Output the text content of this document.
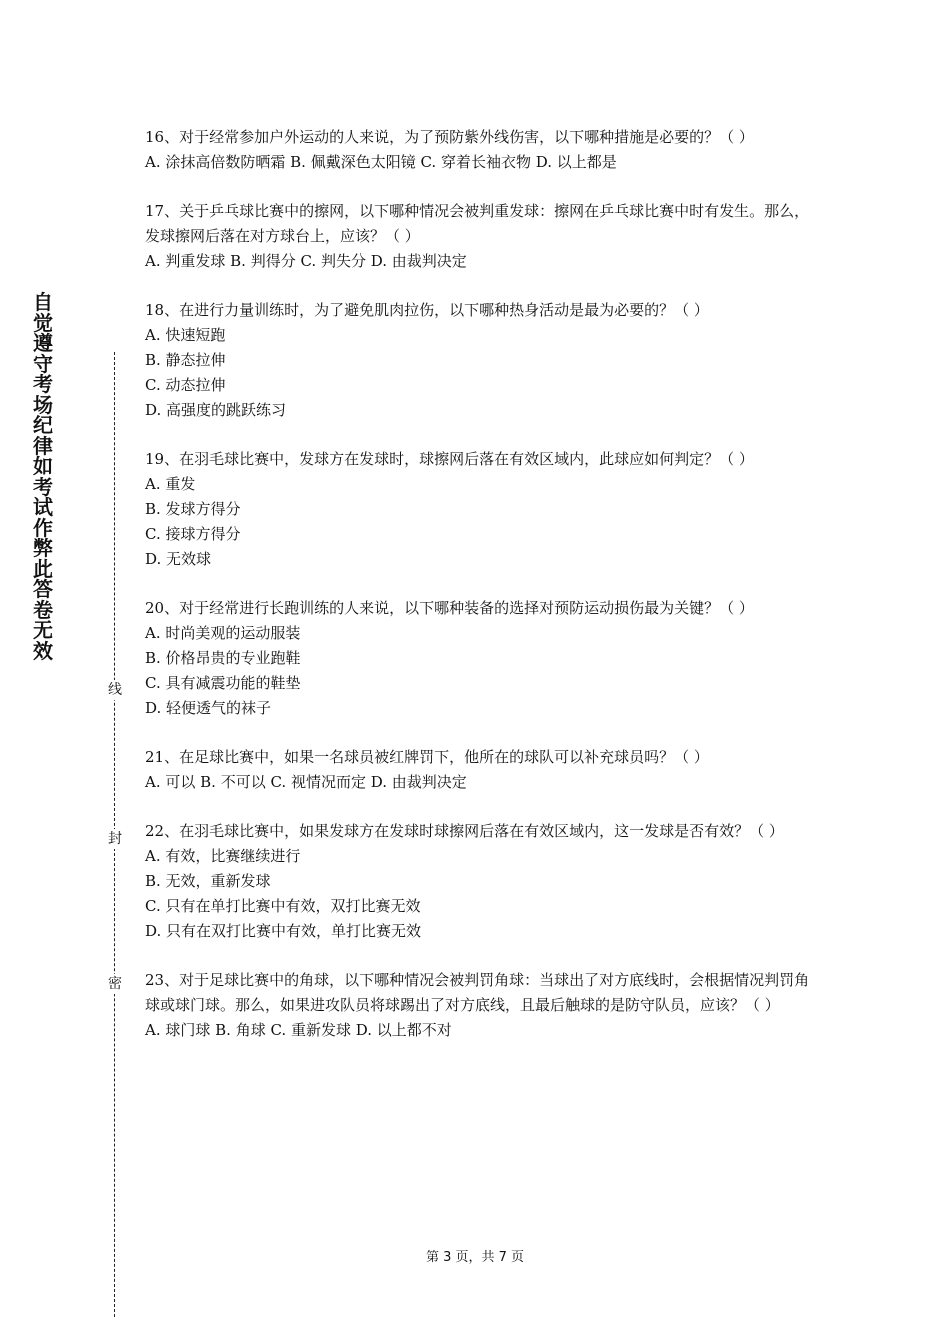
自
觉
遵
守
考
场
纪
律
如
考
试
作
弊
此
答
卷
无
效
线
封
密

16、对于经常参加户外运动的人来说，为了预防紫外线伤害，以下哪种措施是必要的？（ ）

A. 涂抹高倍数防晒霜 B. 佩戴深色太阳镜 C. 穿着长袖衣物 D. 以上都是

17、关于乒乓球比赛中的擦网，以下哪种情况会被判重发球：擦网在乒乓球比赛中时有发生。那么，发球擦网后落在对方球台上，应该？（ ）

A. 判重发球 B. 判得分 C. 判失分 D. 由裁判决定

18、在进行力量训练时，为了避免肌肉拉伤，以下哪种热身活动是最为必要的？（ ）

A. 快速短跑

B. 静态拉伸

C. 动态拉伸

D. 高强度的跳跃练习

19、在羽毛球比赛中，发球方在发球时，球擦网后落在有效区域内，此球应如何判定？（ ）

A. 重发

B. 发球方得分

C. 接球方得分

D. 无效球

20、对于经常进行长跑训练的人来说，以下哪种装备的选择对预防运动损伤最为关键？（ ）

A. 时尚美观的运动服装

B. 价格昂贵的专业跑鞋

C. 具有减震功能的鞋垫

D. 轻便透气的袜子

21、在足球比赛中，如果一名球员被红牌罚下，他所在的球队可以补充球员吗？（ ）

A. 可以 B. 不可以 C. 视情况而定 D. 由裁判决定

22、在羽毛球比赛中，如果发球方在发球时球擦网后落在有效区域内，这一发球是否有效？（ ）

A. 有效，比赛继续进行

B. 无效，重新发球

C. 只有在单打比赛中有效，双打比赛无效

D. 只有在双打比赛中有效，单打比赛无效

23、对于足球比赛中的角球，以下哪种情况会被判罚角球：当球出了对方底线时，会根据情况判罚角球或球门球。那么，如果进攻队员将球踢出了对方底线，且最后触球的是防守队员，应该？（ ）

A. 球门球 B. 角球 C. 重新发球 D. 以上都不对

第 3 页，共 7 页
